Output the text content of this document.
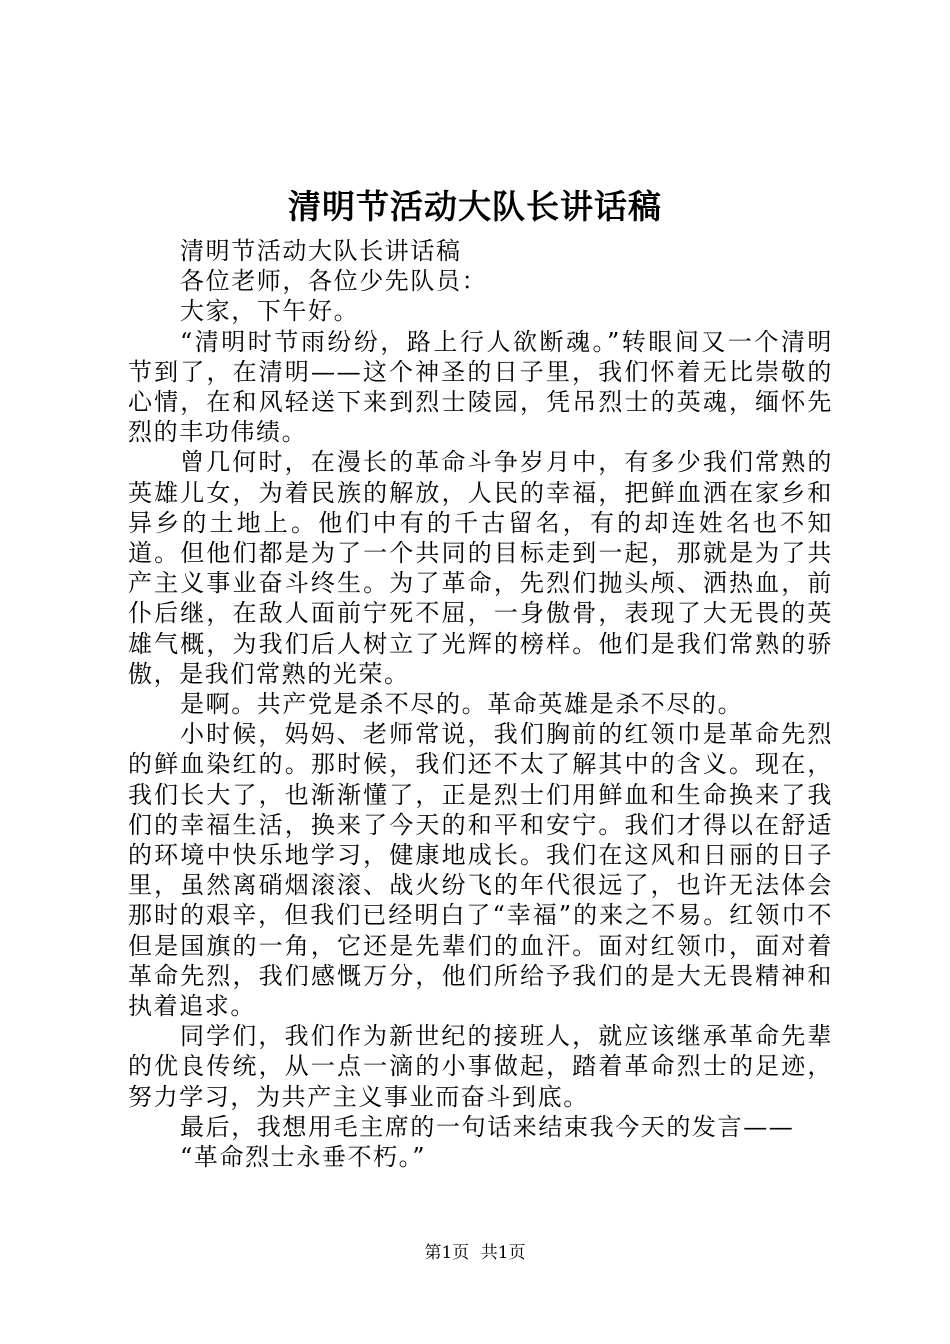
清明节活动大队长讲话稿

清明节活动大队长讲话稿

各位老师，各位少先队员：

大家，下午好。

“清明时节雨纷纷，路上行人欲断魂。”转眼间又一个清明节到了，在清明——这个神圣的日子里，我们怀着无比崇敬的心情，在和风轻送下来到烈士陵园，凭吊烈士的英魂，缅怀先烈的丰功伟绩。

曾几何时，在漫长的革命斗争岁月中，有多少我们常熟的英雄儿女，为着民族的解放，人民的幸福，把鲜血洒在家乡和异乡的土地上。他们中有的千古留名，有的却连姓名也不知道。但他们都是为了一个共同的目标走到一起，那就是为了共产主义事业奋斗终生。为了革命，先烈们抛头颅、洒热血，前仆后继，在敌人面前宁死不屈，一身傲骨，表现了大无畏的英雄气概，为我们后人树立了光辉的榜样。他们是我们常熟的骄傲，是我们常熟的光荣。

是啊。共产党是杀不尽的。革命英雄是杀不尽的。

小时候，妈妈、老师常说，我们胸前的红领巾是革命先烈的鲜血染红的。那时候，我们还不太了解其中的含义。现在，我们长大了，也渐渐懂了，正是烈士们用鲜血和生命换来了我们的幸福生活，换来了今天的和平和安宁。我们才得以在舒适的环境中快乐地学习，健康地成长。我们在这风和日丽的日子里，虽然离硝烟滚滚、战火纷飞的年代很远了，也许无法体会那时的艰辛，但我们已经明白了“幸福”的来之不易。红领巾不但是国旗的一角，它还是先辈们的血汗。面对红领巾，面对着革命先烈，我们感慨万分，他们所给予我们的是大无畏精神和执着追求。

同学们，我们作为新世纪的接班人，就应该继承革命先辈的优良传统，从一点一滴的小事做起，踏着革命烈士的足迹，努力学习，为共产主义事业而奋斗到底。

最后，我想用毛主席的一句话来结束我今天的发言——

“革命烈士永垂不朽。”

第1页 共1页
